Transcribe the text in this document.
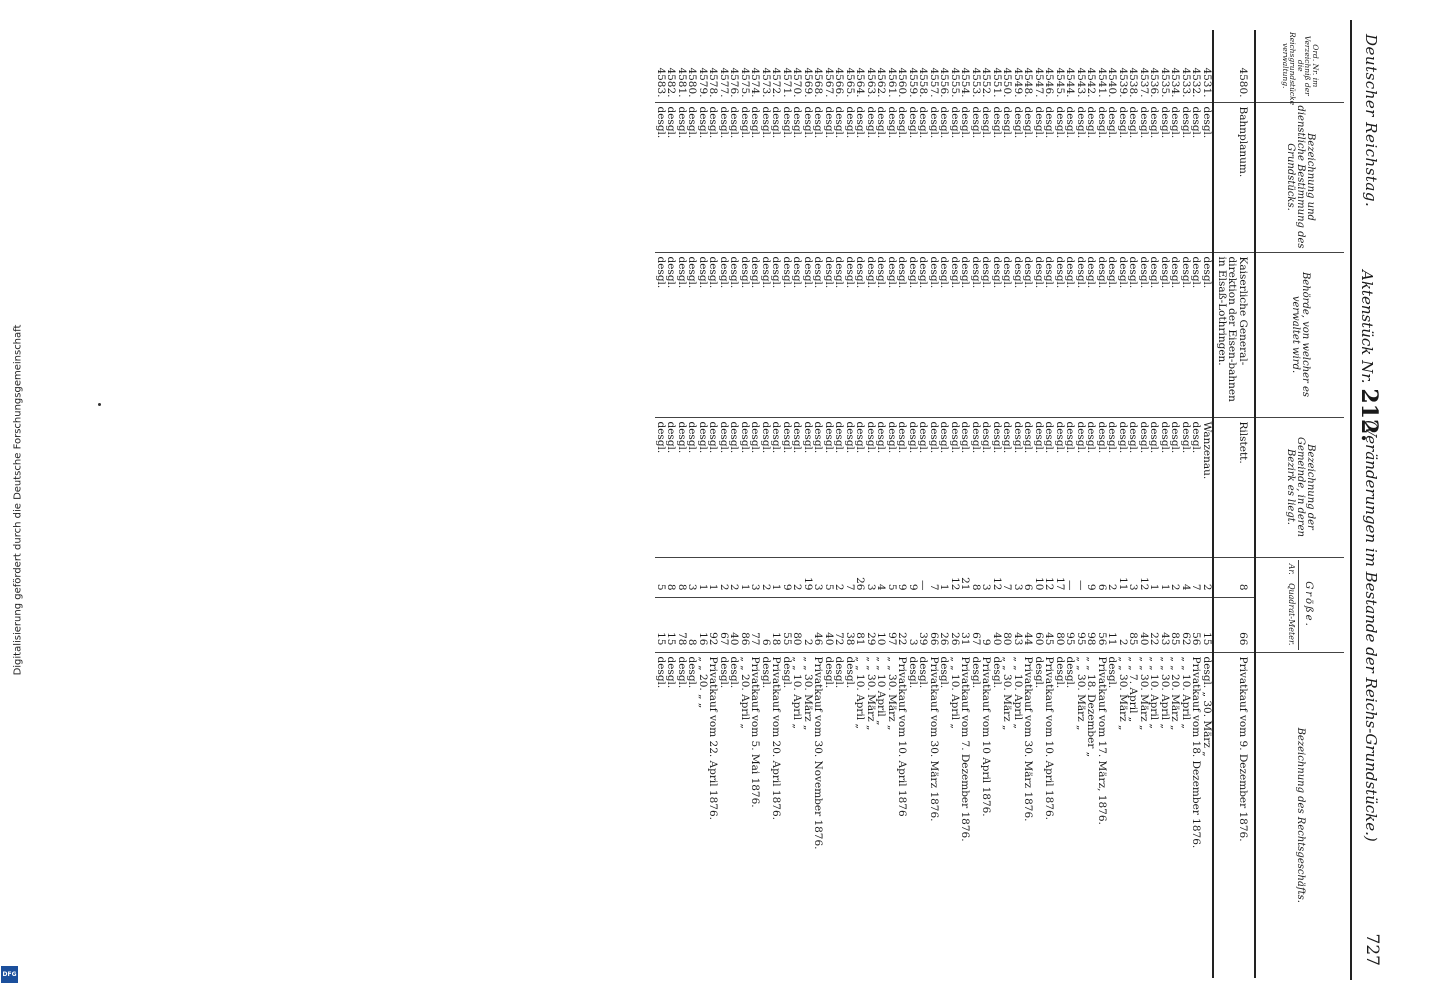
Deutscher Reichstag.
Aktenstück Nr. 212.
(Veränderungen im Bestande der Reichs-Grundstücke.)
727
Ord. Nr. im Verzeichniß der die Reichsgrundstücke verwaltung.	Bezeichnung und dienstliche Bestimmung des Grundstücks.	Behörde, von welcher es verwaltet wird.	Bezeichnung der Gemeinde, in deren Bezirk es liegt.	Größe.
Ar.
Quadrat-Meter.		Bezeichnung des Rechtsgeschäfts.
4580.	Bahnplanum.	Kaiserliche General-direktion der Eisen-bahnen in Elsaß-Lothringen.	Rilstett.	8	66	Privatkauf vom 9. Dezember 1876.
4531.	desgl.	desgl.	Wanzenau.	2	15	desgl. „ 30. März „
4532.	desgl.	desgl.	desgl.	7	56	Privatkauf vom 18. Dezember 1876.
4533.	desgl.	desgl.	desgl.	4	62	„ „ 10. April „
4534.	desgl.	desgl.	desgl.	2	85	„ „ 20. März „
4535.	desgl.	desgl.	desgl.	1	43	„ „ 30. April „
4536.	desgl.	desgl.	desgl.	1	22	„ „ 10. April „
4537.	desgl.	desgl.	desgl.	12	40	„ „ 30. März „
4538.	desgl.	desgl.	desgl.	3	85	„ „ 7. April „
4539.	desgl.	desgl.	desgl.	11	2	„ „ 30. März „
4540.	desgl.	desgl.	desgl.	2	11	desgl.
4541.	desgl.	desgl.	desgl.	6	56	Privatkauf vom 17. März, 1876.
4542.	desgl.	desgl.	desgl.	9	98	„ „ 18. Dezember „
4543.	desgl.	desgl.	desgl.	—	95	„ „ 30. März „
4544.	desgl.	desgl.	desgl.	—	95	desgl.
4545.	desgl.	desgl.	desgl.	17	80	desgl.
4546.	desgl.	desgl.	desgl.	12	45	Privatkauf vom 10. April 1876.
4547.	desgl.	desgl.	desgl.	10	60	desgl.
4548.	desgl.	desgl.	desgl.	6	44	Privatkauf vom 30. März 1876.
4549.	desgl.	desgl.	desgl.	3	43	„ „ 10. April „
4550.	desgl.	desgl.	desgl.	7	80	„ „ 30. März „
4551.	desgl.	desgl.	desgl.	12	40	desgl.
4552.	desgl.	desgl.	desgl.	3	9	Privatkauf vom 10 April 1876.
4553.	desgl.	desgl.	desgl.	8	67	desgl.
4554.	desgl.	desgl.	desgl.	21	31	Privatkauf vom 7. Dezember 1876.
4555.	desgl.	desgl.	desgl.	12	26	„ „ 10. April „
4556.	desgl.	desgl.	desgl.	1	26	desgl.
4557.	desgl.	desgl.	desgl.	7	66	Privatkauf vom 30. März 1876.
4558.	desgl.	desgl.	desgl.	—	39	desgl.
4559.	desgl.	desgl.	desgl.	9	3	desgl.
4560.	desgl.	desgl.	desgl.	9	22	Privatkauf vom 10. April 1876
4561.	desgl.	desgl.	desgl.	5	97	„ „ 30. März „
4562.	desgl.	desgl.	desgl.	4	10	„ „ 10 April „
4563.	desgl.	desgl.	desgl.	3	29	„ „ 30. März „
4564.	desgl.	desgl.	desgl.	26	81	„ „ 10. April „
4565.	desgl.	desgl.	desgl.	7	38	desgl.
4566.	desgl.	desgl.	desgl.	2	72	desgl.
4567.	desgl.	desgl.	desgl.	5	40	desgl.
4568.	desgl.	desgl.	desgl.	3	46	Privatkauf vom 30. November 1876.
4569.	desgl.	desgl.	desgl.	19	2	„ „ 30. März „
4570.	desgl.	desgl.	desgl.	2	80	„ „ 10. April „
4571.	desgl.	desgl.	desgl.	9	55	desgl.
4572.	desgl.	desgl.	desgl.	1	18	Privatkauf vom 20. April 1876.
4573.	desgl.	desgl.	desgl.	2	6	desgl.
4574.	desgl.	desgl.	desgl.	3	77	Privatkauf vom 5. Mai 1876.
4575.	desgl.	desgl.	desgl.	1	86	„ „ 20. April „
4576.	desgl.	desgl.	desgl.	2	40	desgl.
4577.	desgl.	desgl.	desgl.	2	67	desgl.
4578.	desgl.	desgl.	desgl.	1	92	Privatkauf vom 22. April 1876.
4579.	desgl.	desgl.	desgl.	1	16	„ „ 20. „ „
4580.	desgl.	desgl.	desgl.	3	8	desgl.
4581.	desgl.	desgl.	desgl.	8	78	desgl.
4582.	desgl.	desgl.	desgl.	8	15	desgl.
4583.	desgl.	desgl.	desgl.	5	15	desgl.
Digitalisierung gefördert durch die Deutsche Forschungsgemeinschaft
DFG
